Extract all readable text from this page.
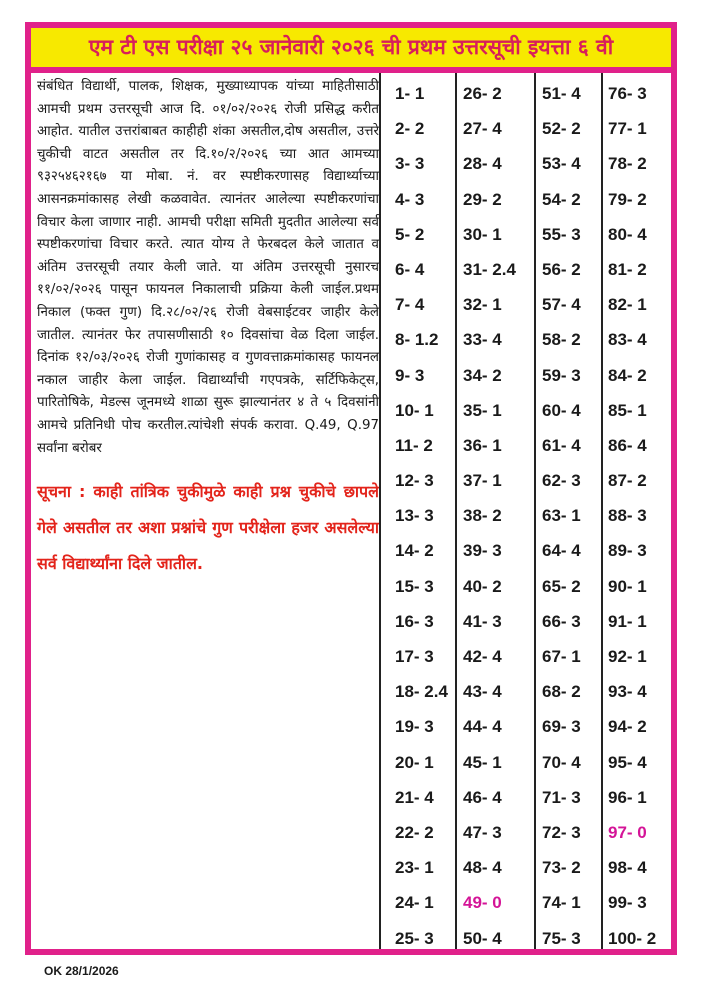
एम टी एस परीक्षा २५ जानेवारी २०२६ ची प्रथम उत्तरसूची इयत्ता ६ वी

संबंधित विद्यार्थी, पालक, शिक्षक, मुख्याध्यापक यांच्या माहितीसाठी आमची प्रथम उत्तरसूची आज दि. ०१/०२/२०२६ रोजी प्रसिद्ध करीत आहोत. यातील उत्तरांबाबत काहीही शंका असतील,दोष असतील, उत्तरे चुकीची वाटत असतील तर दि.१०/२/२०२६ च्या आत आमच्या ९३२५४६२१६७ या मोबा. नं. वर स्पष्टीकरणासह विद्यार्थ्याच्या आसनक्रमांकासह लेखी कळवावेत. त्यानंतर आलेल्या स्पष्टीकरणांचा विचार केला जाणार नाही. आमची परीक्षा समिती मुदतीत आलेल्या सर्व स्पष्टीकरणांचा विचार करते. त्यात योग्य ते फेरबदल केले जातात व अंतिम उत्तरसूची तयार केली जाते. या अंतिम उत्तरसूची नुसारच ११/०२/२०२६ पासून फायनल निकालाची प्रक्रिया केली जाईल.प्रथम निकाल (फक्त गुण) दि.२८/०२/२६ रोजी वेबसाईटवर जाहीर केले जातील. त्यानंतर फेर तपासणीसाठी १० दिवसांचा वेळ दिला जाईल. दिनांक १२/०३/२०२६ रोजी गुणांकासह व गुणवत्ताक्रमांकासह फायनल नकाल जाहीर केला जाईल. विद्यार्थ्यांची गएपत्रके, सर्टिफिकेट्स, पारितोषिके, मेडल्स जूनमध्ये शाळा सुरू झाल्यानंतर ४ ते ५ दिवसांनी आमचे प्रतिनिधी पोच करतील.त्यांचेशी संपर्क करावा. Q.49, Q.97 सर्वांना बरोबर

सूचना : काही तांत्रिक चुकीमुळे काही प्रश्न चुकीचे छापले गेले असतील तर अशा प्रश्नांचे गुण परीक्षेला हजर असलेल्या सर्व विद्यार्थ्यांना दिले जातील.

1- 1
2- 2
3- 3
4- 3
5- 2
6- 4
7- 4
8- 1.2
9- 3
10- 1
11- 2
12- 3
13- 3
14- 2
15- 3
16- 3
17- 3
18- 2.4
19- 3
20- 1
21- 4
22- 2
23- 1
24- 1
25- 3
26- 2
27- 4
28- 4
29- 2
30- 1
31- 2.4
32- 1
33- 4
34- 2
35- 1
36- 1
37- 1
38- 2
39- 3
40- 2
41- 3
42- 4
43- 4
44- 4
45- 1
46- 4
47- 3
48- 4
49- 0
50- 4
51- 4
52- 2
53- 4
54- 2
55- 3
56- 2
57- 4
58- 2
59- 3
60- 4
61- 4
62- 3
63- 1
64- 4
65- 2
66- 3
67- 1
68- 2
69- 3
70- 4
71- 3
72- 3
73- 2
74- 1
75- 3
76- 3
77- 1
78- 2
79- 2
80- 4
81- 2
82- 1
83- 4
84- 2
85- 1
86- 4
87- 2
88- 3
89- 3
90- 1
91- 1
92- 1
93- 4
94- 2
95- 4
96- 1
97- 0
98- 4
99- 3
100- 2
OK 28/1/2026
